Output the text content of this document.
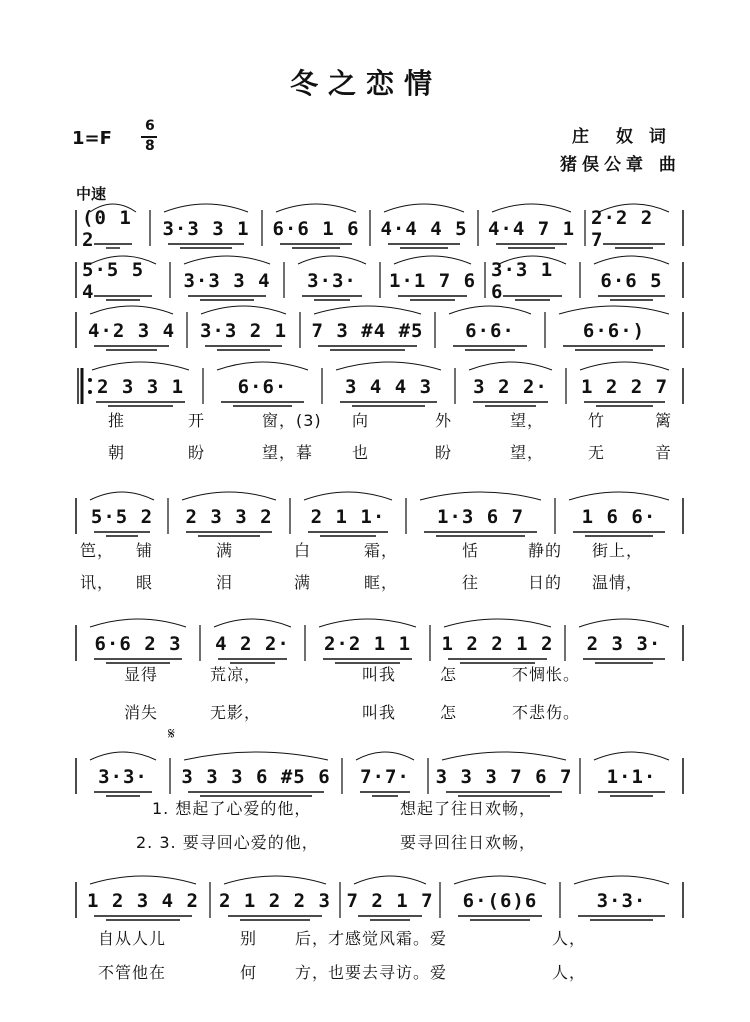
冬之恋情
1=F
6
8	庄　奴 词
猪俣公章 曲
中速
(0 1 2	3·3 3 1	6·6 1 6 4·4 4 5 4·4 7 1 2·2 2 7
5·5 5 4	3·3 3 4	3·3·	1·1 7 6 3·3 1 6	6·6 5
4·2 3 4	3·3 2 1	7 3 #4 #5	6·6·	6·6·)
2 3 3 1	6·6·	3 4 4 3	3 2 2·	1 2 2 7
推	开	窗，(3) 向	外	望，	竹	篱
朝	盼	望，暮 也	盼	望，	无	音
5·5 2	2 3 3 2	2 1 1·	1·3 6 7	1 6 6·
笆， 铺	满	白	霜，	恬	静的 街上，
讯， 眼	泪	满	眶，	往	日的 温情，
6·6 2 3	4 2 2·	2·2 1 1	1 2 2 1 2	2 3 3·
显得	荒凉，	叫我	怎	不惆怅。
消失	无影，	叫我	怎	不悲伤。
𝄋
3·3·	3 3 3 6 #5 6	7·7·	3 3 3 7 6 7	1·1·
1. 想起了心爱的他，	想起了往日欢畅，
2. 3. 要寻回心爱的他，	要寻回往日欢畅，
1 2 3 4 2 2 1 2 2 3 7 2 1 7	6·(6)6	3·3·
自从人儿	别 后，
才感觉风霜。爱	人，
不管他在	何 方，
也要去寻访。爱	人，
